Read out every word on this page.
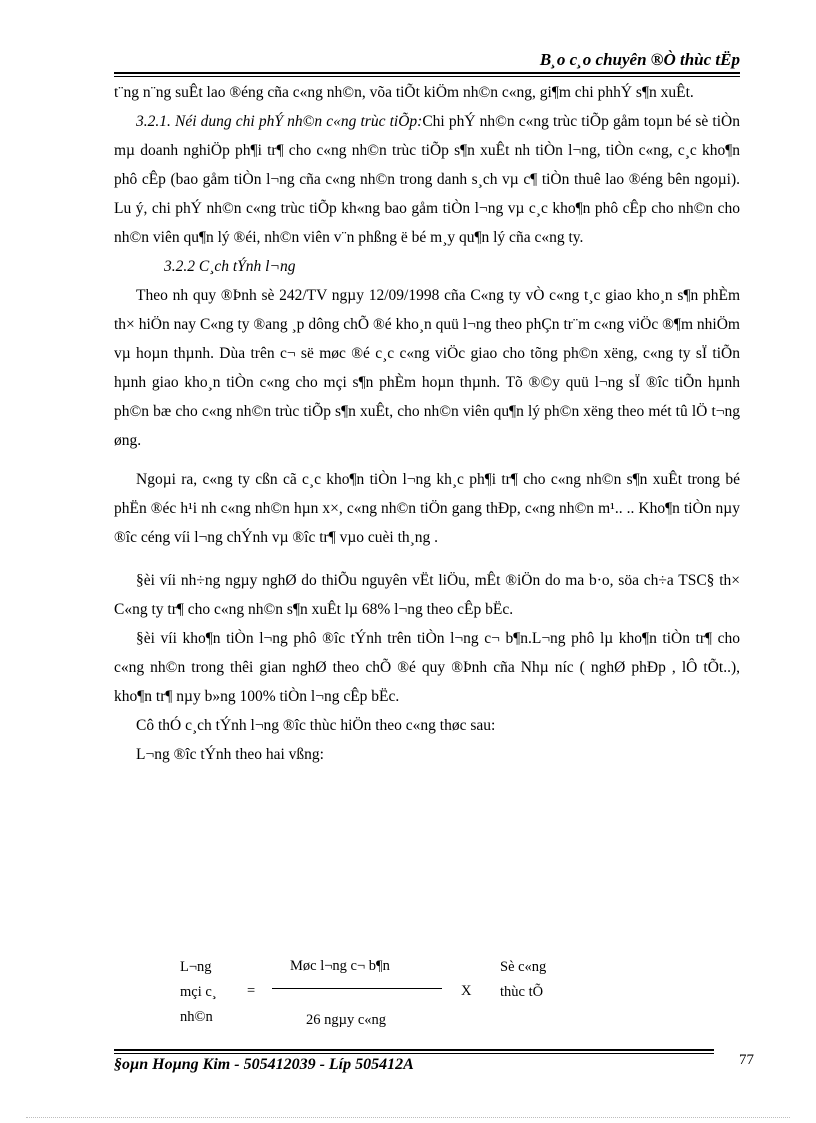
B¸o c¸o chuyên ®Ò thùc tËp

t¨ng n¨ng suÊt lao ®éng cña c«ng nh©n, võa tiÕt kiÖm nh©n c«ng, gi¶m chi phhÝ s¶n xuÊt.

3.2.1. Néi dung chi phÝ nh©n c«ng trùc tiÕp:Chi phÝ nh©n c«ng trùc tiÕp gåm toµn bé sè tiÒn mµ doanh nghiÖp ph¶i tr¶ cho c«ng nh©n trùc tiÕp s¶n xuÊt nh tiÒn l¬ng, tiÒn c«ng, c¸c kho¶n phô cÊp (bao gåm tiÒn l¬ng cña c«ng nh©n trong danh s¸ch vµ c¶ tiÒn thuê lao ®éng bên ngoµi). Lu ý, chi phÝ nh©n c«ng trùc tiÕp kh«ng bao gåm tiÒn l¬ng vµ c¸c kho¶n phô cÊp cho nh©n cho nh©n viên qu¶n lý ®éi, nh©n viên v¨n phßng ë bé m¸y qu¶n lý cña c«ng ty.

3.2.2 C¸ch tÝnh l¬ng

Theo nh quy ®Þnh sè 242/TV ngµy 12/09/1998 cña C«ng ty vÒ c«ng t¸c giao kho¸n s¶n phÈm th× hiÖn nay C«ng ty ®ang ¸p dông chÕ ®é kho¸n quü l¬ng theo phÇn tr¨m c«ng viÖc ®¶m nhiÖm vµ hoµn thµnh. Dùa trên c¬ së møc ®é c¸c c«ng viÖc giao cho tõng ph©n xëng, c«ng ty sÏ tiÕn hµnh giao kho¸n tiÒn c«ng cho mçi s¶n phÈm hoµn thµnh. Tõ ®©y quü l¬ng sÏ ®îc tiÕn hµnh ph©n bæ cho c«ng nh©n trùc tiÕp s¶n xuÊt, cho nh©n viên qu¶n lý ph©n xëng theo mét tû lÖ t¬ng øng.

Ngoµi ra, c«ng ty cßn cã c¸c kho¶n tiÒn l¬ng kh¸c ph¶i tr¶ cho c«ng nh©n s¶n xuÊt trong bé phËn ®éc h¹i nh c«ng nh©n hµn x×, c«ng nh©n tiÖn gang thÐp, c«ng nh©n m¹.. .. Kho¶n tiÒn nµy ®îc céng víi l¬ng chÝnh vµ ®îc tr¶ vµo cuèi th¸ng .

§èi víi nh÷ng ngµy nghØ do thiÕu nguyên vËt liÖu, mÊt ®iÖn do ma b·o, söa ch÷a TSC§ th× C«ng ty tr¶ cho c«ng nh©n s¶n xuÊt lµ 68% l¬ng theo cÊp bËc.

§èi víi kho¶n tiÒn l¬ng phô ®îc tÝnh trên tiÒn l¬ng c¬ b¶n.L¬ng phô lµ kho¶n tiÒn tr¶ cho c«ng nh©n trong thêi gian nghØ theo chÕ ®é quy ®Þnh cña Nhµ níc ( nghØ phÐp , lÔ tÕt..), kho¶n tr¶ nµy b»ng 100% tiÒn l¬ng cÊp bËc.

Cô thÓ c¸ch tÝnh l¬ng ®îc thùc hiÖn theo c«ng thøc sau:

L¬ng ®îc tÝnh theo hai vßng:

L¬ng
mçi c¸
nh©n
=
Møc l¬ng c¬ b¶n
26 ngµy c«ng
X
Sè c«ng
thùc tÕ
§oµn Hoµng Kim - 505412039 - Líp 505412A	77
